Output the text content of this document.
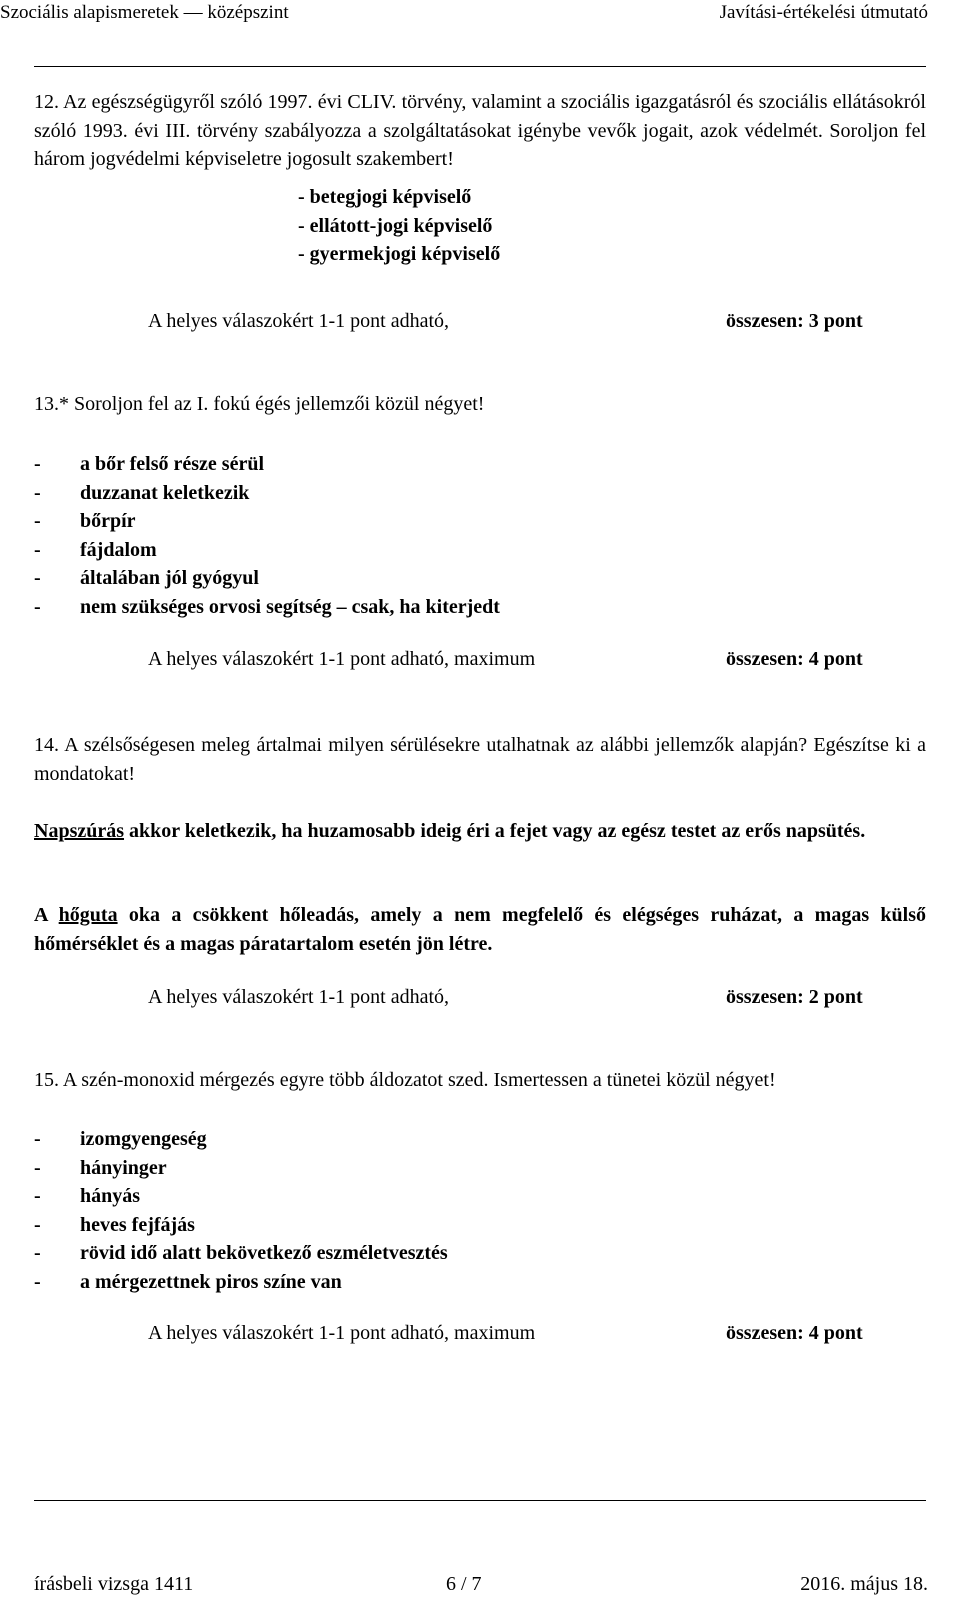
Szociális alapismeretek — középszint	Javítási-értékelési útmutató
12. Az egészségügyről szóló 1997. évi CLIV. törvény, valamint a szociális igazgatásról és szociális ellátásokról szóló 1993. évi III. törvény szabályozza a szolgáltatásokat igénybe vevők jogait, azok védelmét. Soroljon fel három jogvédelmi képviseletre jogosult szakembert!
- betegjogi képviselő
- ellátott-jogi képviselő
- gyermekjogi képviselő
A helyes válaszokért 1-1 pont adható,	összesen: 3 pont
13.* Soroljon fel az I. fokú égés jellemzői közül négyet!
- a bőr felső része sérül
- duzzanat keletkezik
- bőrpír
- fájdalom
- általában jól gyógyul
- nem szükséges orvosi segítség – csak, ha kiterjedt
A helyes válaszokért 1-1 pont adható, maximum	összesen: 4 pont
14. A szélsőségesen meleg ártalmai milyen sérülésekre utalhatnak az alábbi jellemzők alapján? Egészítse ki a mondatokat!
Napszúrás akkor keletkezik, ha huzamosabb ideig éri a fejet vagy az egész testet az erős napsütés.
A hőguta oka a csökkent hőleadás, amely a nem megfelelő és elégséges ruházat, a magas külső hőmérséklet és a magas páratartalom esetén jön létre.
A helyes válaszokért 1-1 pont adható,	összesen: 2 pont
15. A szén-monoxid mérgezés egyre több áldozatot szed. Ismertessen a tünetei közül négyet!
- izomgyengeség
- hányinger
- hányás
- heves fejfájás
- rövid idő alatt bekövetkező eszméletvesztés
- a mérgezettnek piros színe van
A helyes válaszokért 1-1 pont adható, maximum	összesen: 4 pont
írásbeli vizsga 1411	6 / 7	2016. május 18.
